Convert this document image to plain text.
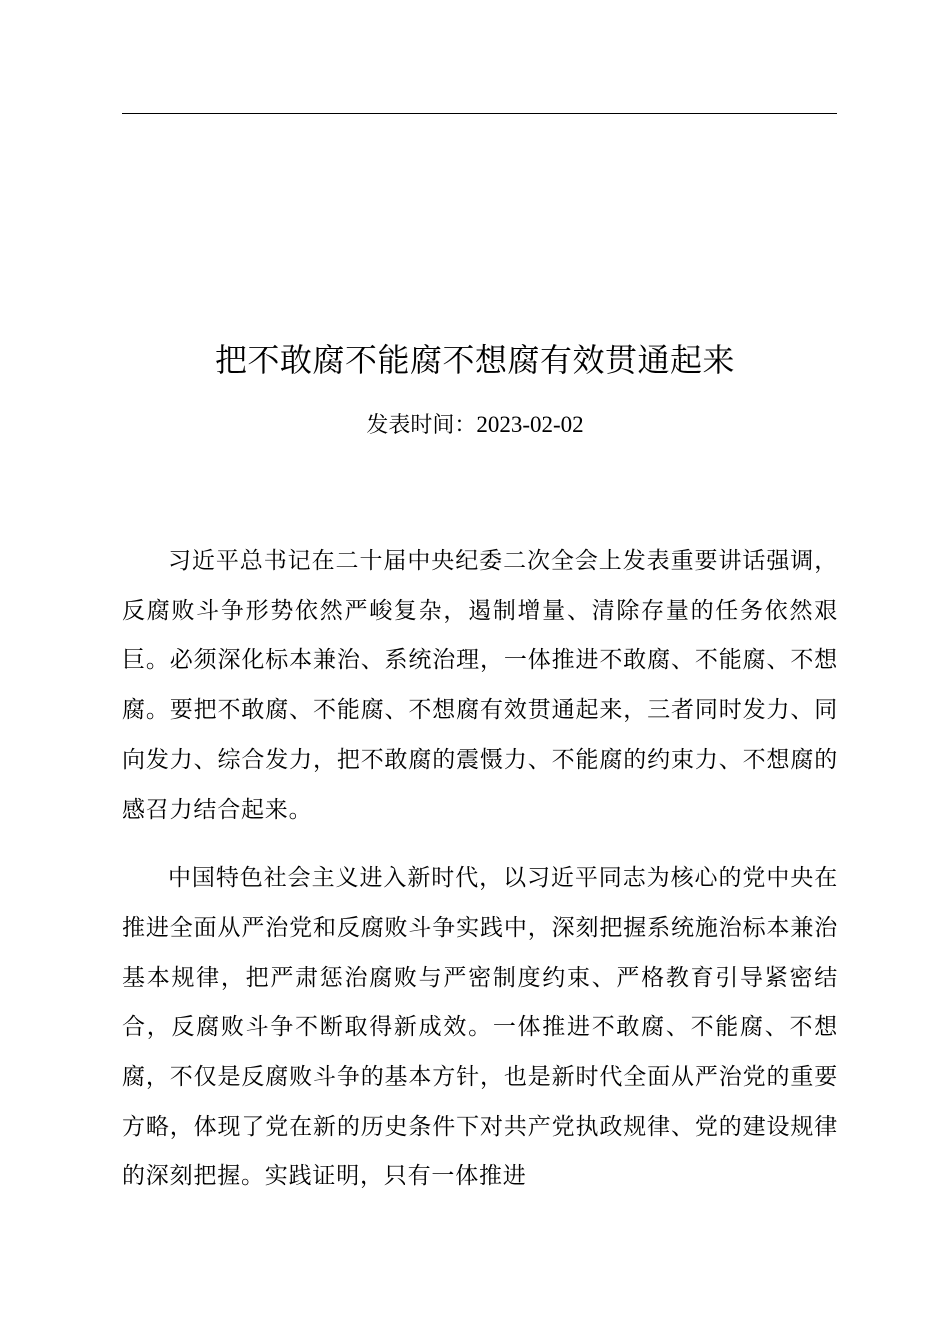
把不敢腐不能腐不想腐有效贯通起来

发表时间：2023-02-02

习近平总书记在二十届中央纪委二次全会上发表重要讲话强调，反腐败斗争形势依然严峻复杂，遏制增量、清除存量的任务依然艰巨。必须深化标本兼治、系统治理，一体推进不敢腐、不能腐、不想腐。要把不敢腐、不能腐、不想腐有效贯通起来，三者同时发力、同向发力、综合发力，把不敢腐的震慑力、不能腐的约束力、不想腐的感召力结合起来。

中国特色社会主义进入新时代，以习近平同志为核心的党中央在推进全面从严治党和反腐败斗争实践中，深刻把握系统施治标本兼治基本规律，把严肃惩治腐败与严密制度约束、严格教育引导紧密结合，反腐败斗争不断取得新成效。一体推进不敢腐、不能腐、不想腐，不仅是反腐败斗争的基本方针，也是新时代全面从严治党的重要方略，体现了党在新的历史条件下对共产党执政规律、党的建设规律的深刻把握。实践证明，只有一体推进
